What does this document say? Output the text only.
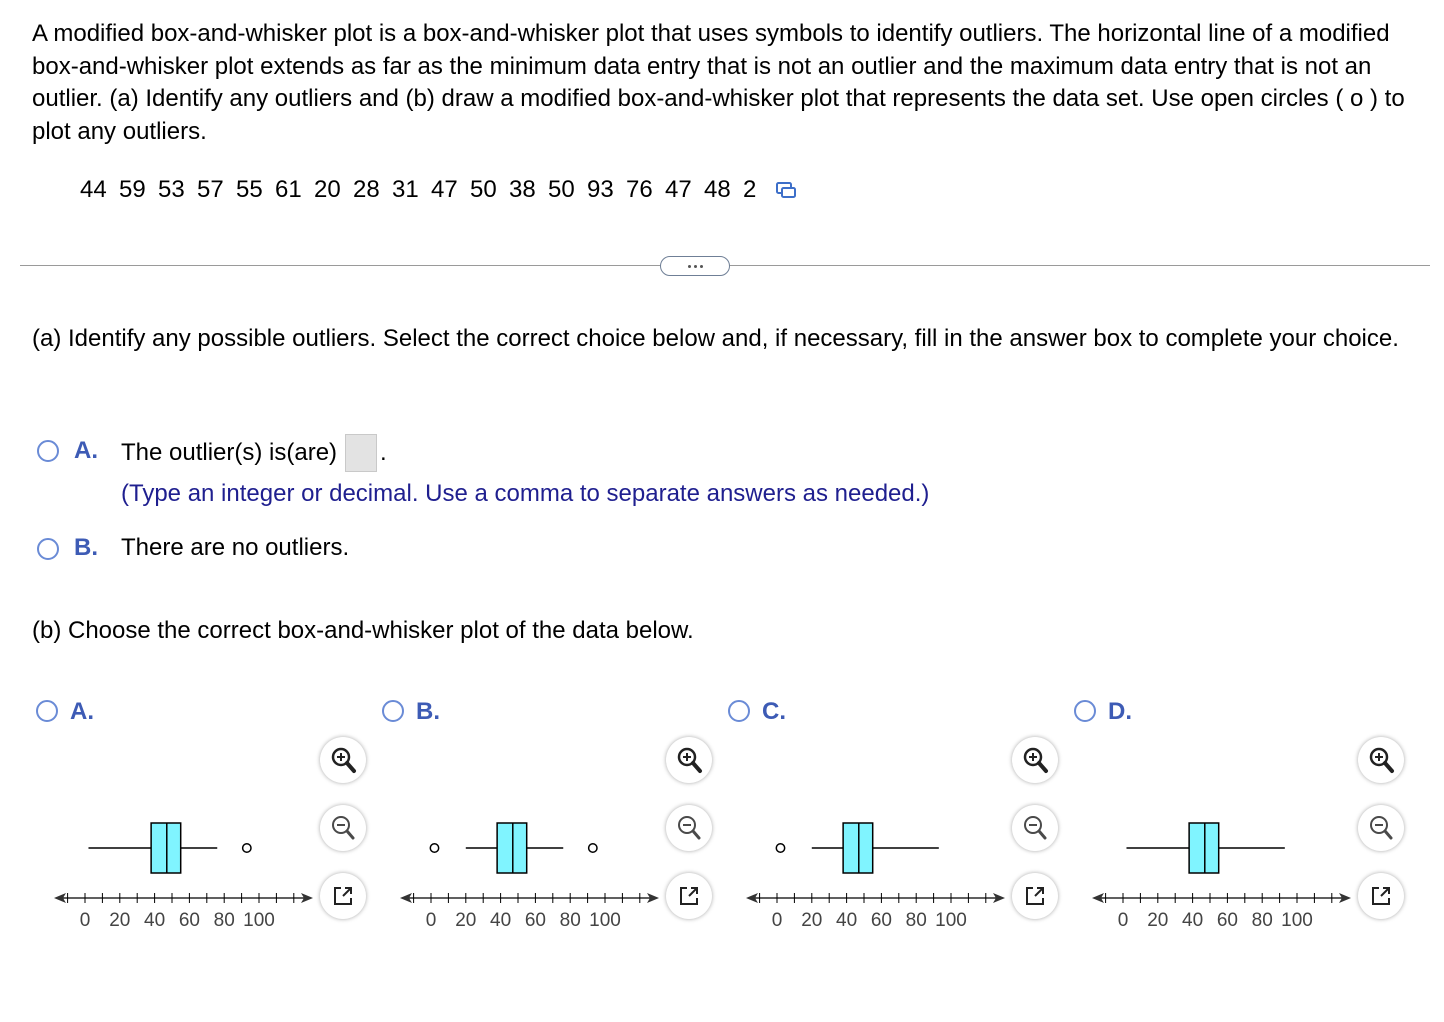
A modified box-and-whisker plot is a box-and-whisker plot that uses symbols to identify outliers. The horizontal line of a modified box-and-whisker plot extends as far as the minimum data entry that is not an outlier and the maximum data entry that is not an outlier. (a) Identify any outliers and (b) draw a modified box-and-whisker plot that represents the data set. Use open circles ( o ) to plot any outliers.

44 59 53 57 55 61 20 28 31 47 50 38 50 93 76 47 48 2

(a) Identify any possible outliers. Select the correct choice below and, if necessary, fill in the answer box to complete your choice.

A. The outlier(s) is(are) .
(Type an integer or decimal. Use a comma to separate answers as needed.)
B. There are no outliers.

(b) Choose the correct box-and-whisker plot of the data below.

A.
0 20 40 60 80 100
B.
0 20 40 60 80 100
C.
0 20 40 60 80 100
D.
0 20 40 60 80 100
